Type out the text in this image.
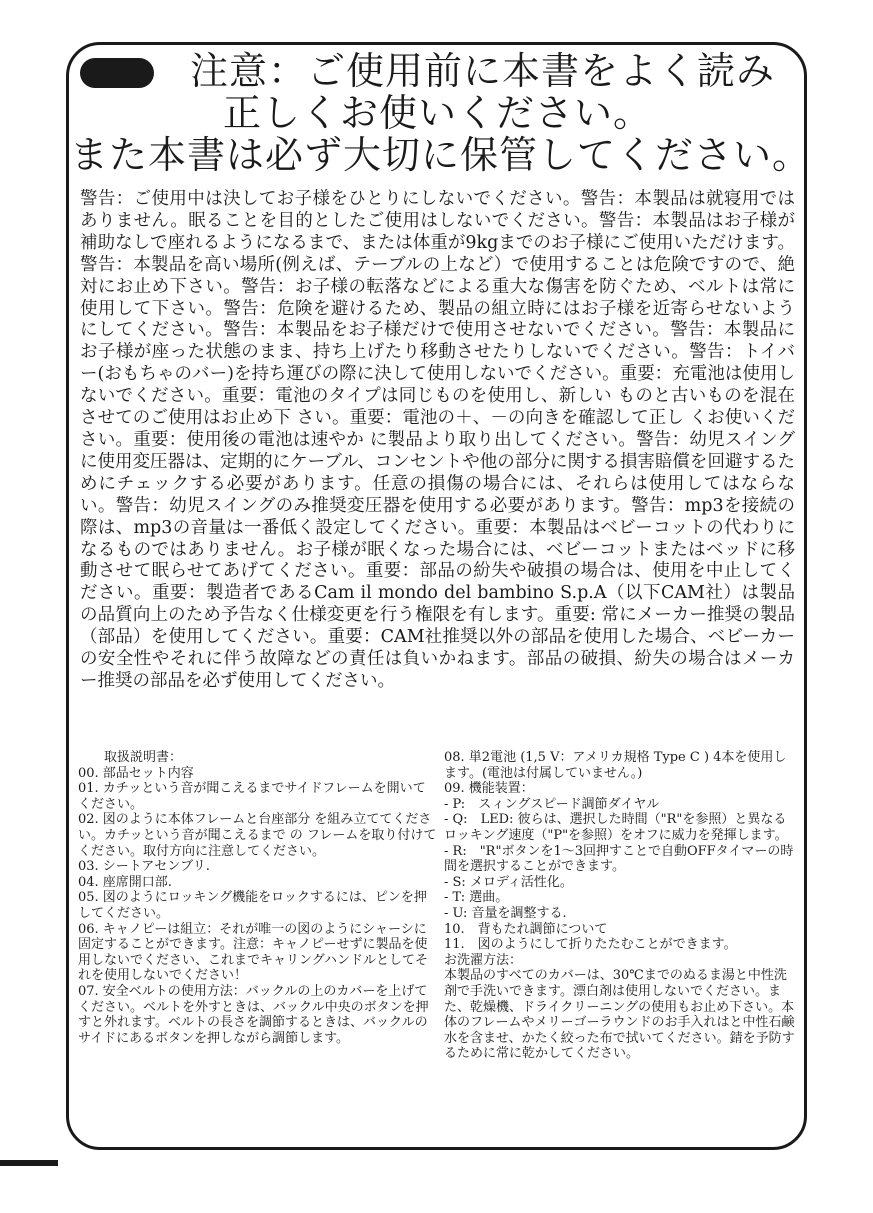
注意：ご使用前に本書をよく読み
正しくお使いください。
また本書は必ず大切に保管してください。
警告：ご使用中は決してお子様をひとりにしないでください。警告：本製品は就寝用ではありません。眠ることを目的としたご使用はしないでください。警告：本製品はお子様が補助なしで座れるようになるまで、または体重が9kgまでのお子様にご使用いただけます。警告：本製品を高い場所(例えば、テーブルの上など）で使用することは危険ですので、絶対にお止め下さい。警告：お子様の転落などによる重大な傷害を防ぐため、ベルトは常に使用して下さい。警告：危険を避けるため、製品の組立時にはお子様を近寄らせないようにしてください。警告：本製品をお子様だけで使用させないでください。警告：本製品にお子様が座った状態のまま、持ち上げたり移動させたりしないでください。警告：トイバー(おもちゃのバー)を持ち運びの際に決して使用しないでください。重要：充電池は使用しないでください。重要：電池のタイプは同じものを使用し、新しい ものと古いものを混在させてのご使用はお止め下 さい。重要：電池の＋、－の向きを確認して正し くお使いください。重要：使用後の電池は速やか に製品より取り出してください。警告：幼児スイングに使用変圧器は、定期的にケーブル、コンセントや他の部分に関する損害賠償を回避するためにチェックする必要があります。任意の損傷の場合には、それらは使用してはならない。警告：幼児スイングのみ推奨変圧器を使用する必要があります。警告：mp3を接続の際は、mp3の音量は一番低く設定してください。重要：本製品はベビーコットの代わりになるものではありません。お子様が眠くなった場合には、ベビーコットまたはベッドに移動させて眠らせてあげてください。重要：部品の紛失や破損の場合は、使用を中止してください。重要：製造者であるCam il mondo del bambino S.p.A（以下CAM社）は製品の品質向上のため予告なく仕様変更を行う権限を有します。重要: 常にメーカー推奨の製品（部品）を使用してください。重要：CAM社推奨以外の部品を使用した場合、ベビーカーの安全性やそれに伴う故障などの責任は負いかねます。部品の破損、紛失の場合はメーカー推奨の部品を必ず使用してください。

　　取扱説明書：

00. 部品セット内容

01. カチッという音が聞こえるまでサイドフレームを開いてください。

02. 図のように本体フレームと台座部分 を組み立ててください。カチッという音が聞こえるまで の フレームを取り付けてください。取付方向に注意してください。

03. シートアセンブリ.

04. 座席開口部.

05. 図のようにロッキング機能をロックするには、ピンを押してください。

06. キャノピーは組立：それが唯一の図のようにシャーシに固定することができます。注意：キャノピーせずに製品を使用しないでください、これまでキャリングハンドルとしてそれを使用しないでください！

07. 安全ベルトの使用方法：バックルの上のカバーを上げてください。ベルトを外すときは、バックル中央のボタンを押すと外れます。ベルトの長さを調節するときは、バックルのサイドにあるボタンを押しながら調節します。

08. 単2電池 (1,5 V：アメリカ規格 Type C ) 4本を使用します。(電池は付属していません。)

09. 機能装置：

- P:　スィングスピード調節ダイヤル

- Q:　LED: 彼らは、選択した時間（"R"を参照）と異なるロッキング速度（"P"を参照）をオフに威力を発揮します。

- R:　"R"ボタンを1～3回押すことで自動OFFタイマーの時間を選択することができます。

- S: メロディ活性化。

- T: 選曲。

- U: 音量を調整する.

10.　背もたれ調節について

11.　図のようにして折りたたむことができます。

お洗濯方法：

本製品のすべてのカバーは、30℃までのぬるま湯と中性洗剤で手洗いできます。漂白剤は使用しないでください。また、乾燥機、ドライクリーニングの使用もお止め下さい。本体のフレームやメリーゴーラウンドのお手入れはと中性石鹸水を含ませ、かたく絞った布で拭いてください。錆を予防するために常に乾かしてください。
